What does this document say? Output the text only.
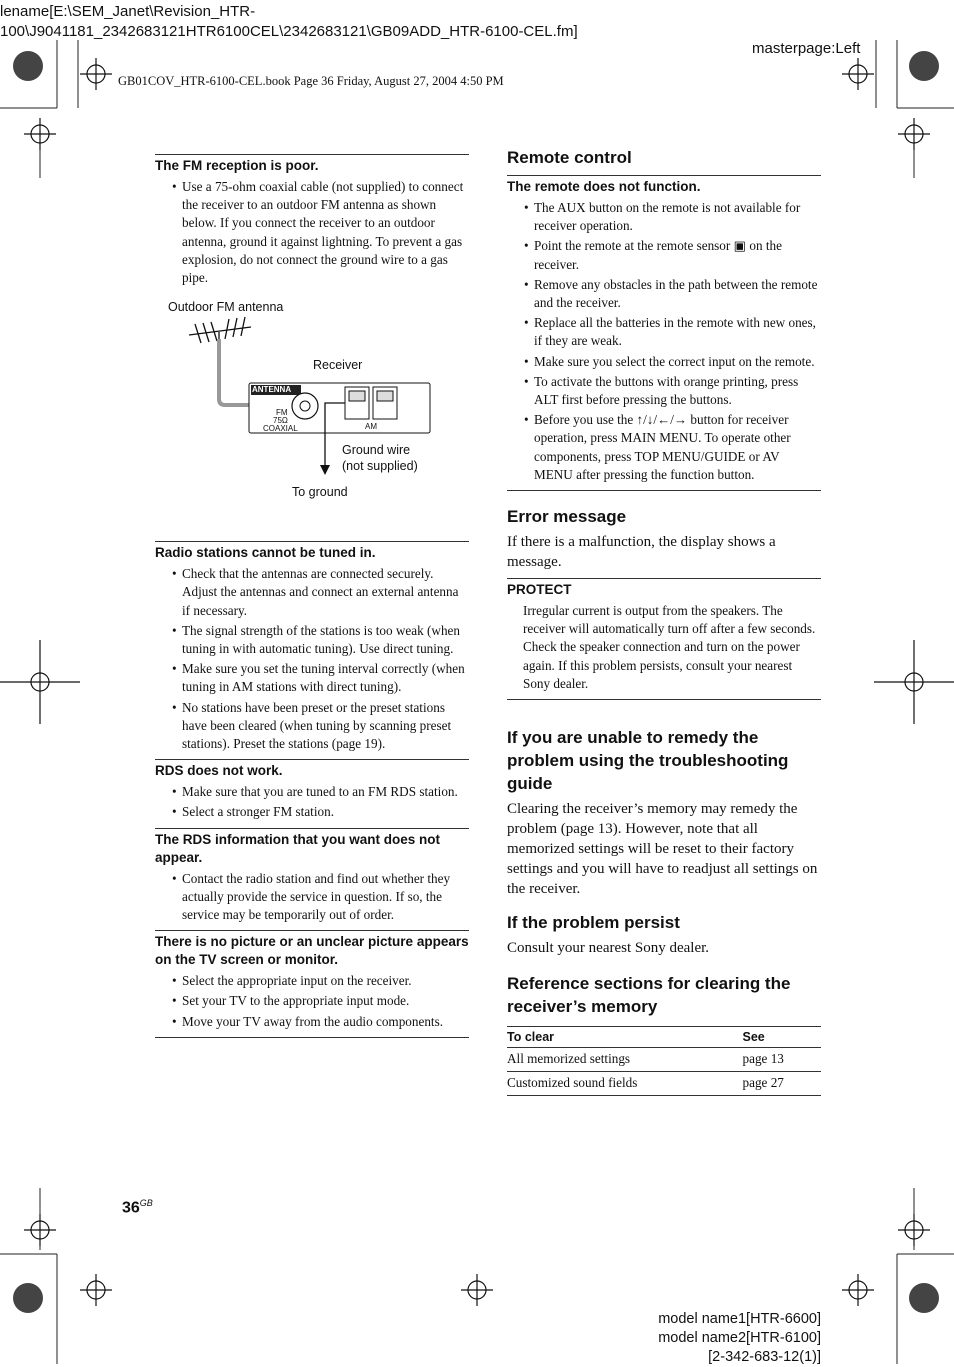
lename[E:\SEM_Janet\Revision_HTR-
100\J9041181_2342683121HTR6100CEL\2342683121\GB09ADD_HTR-6100-CEL.fm]
masterpage:Left
GB01COV_HTR-6100-CEL.book Page 36 Friday, August 27, 2004 4:50 PM

The FM reception is poor.

• Use a 75-ohm coaxial cable (not supplied) to connect the receiver to an outdoor FM antenna as shown below. If you connect the receiver to an outdoor antenna, ground it against lightning. To prevent a gas explosion, do not connect the ground wire to a gas pipe.
Outdoor FM antenna
Receiver
ANTENNA
FM
75Ω
COAXIAL	AM
Ground wire
(not supplied)
To ground

Radio stations cannot be tuned in.

• Check that the antennas are connected securely. Adjust the antennas and connect an external antenna if necessary.
• The signal strength of the stations is too weak (when tuning in with automatic tuning). Use direct tuning.
• Make sure you set the tuning interval correctly (when tuning in AM stations with direct tuning).
• No stations have been preset or the preset stations have been cleared (when tuning by scanning preset stations). Preset the stations (page 19).

RDS does not work.

• Make sure that you are tuned to an FM RDS station.
• Select a stronger FM station.

The RDS information that you want does not appear.

• Contact the radio station and find out whether they actually provide the service in question. If so, the service may be temporarily out of order.

There is no picture or an unclear picture appears on the TV screen or monitor.

• Select the appropriate input on the receiver.
• Set your TV to the appropriate input mode.
• Move your TV away from the audio components.

Remote control

The remote does not function.

• The AUX button on the remote is not available for receiver operation.
• Point the remote at the remote sensor ▣ on the receiver.
• Remove any obstacles in the path between the remote and the receiver.
• Replace all the batteries in the remote with new ones, if they are weak.
• Make sure you select the correct input on the remote.
• To activate the buttons with orange printing, press ALT first before pressing the buttons.
• Before you use the ↑/↓/←/→ button for receiver operation, press MAIN MENU. To operate other components, press TOP MENU/GUIDE or AV MENU after pressing the function button.

Error message

If there is a malfunction, the display shows a message.

PROTECT

Irregular current is output from the speakers. The receiver will automatically turn off after a few seconds. Check the speaker connection and turn on the power again. If this problem persists, consult your nearest Sony dealer.

If you are unable to remedy the problem using the troubleshooting guide

Clearing the receiver’s memory may remedy the problem (page 13). However, note that all memorized settings will be reset to their factory settings and you will have to readjust all settings on the receiver.

If the problem persist

Consult your nearest Sony dealer.

Reference sections for clearing the receiver’s memory

To clear	See
All memorized settings	page 13
Customized sound fields	page 27
$36^{GB}$
model name1[HTR-6600]
model name2[HTR-6100]
[2-342-683-12(1)]
